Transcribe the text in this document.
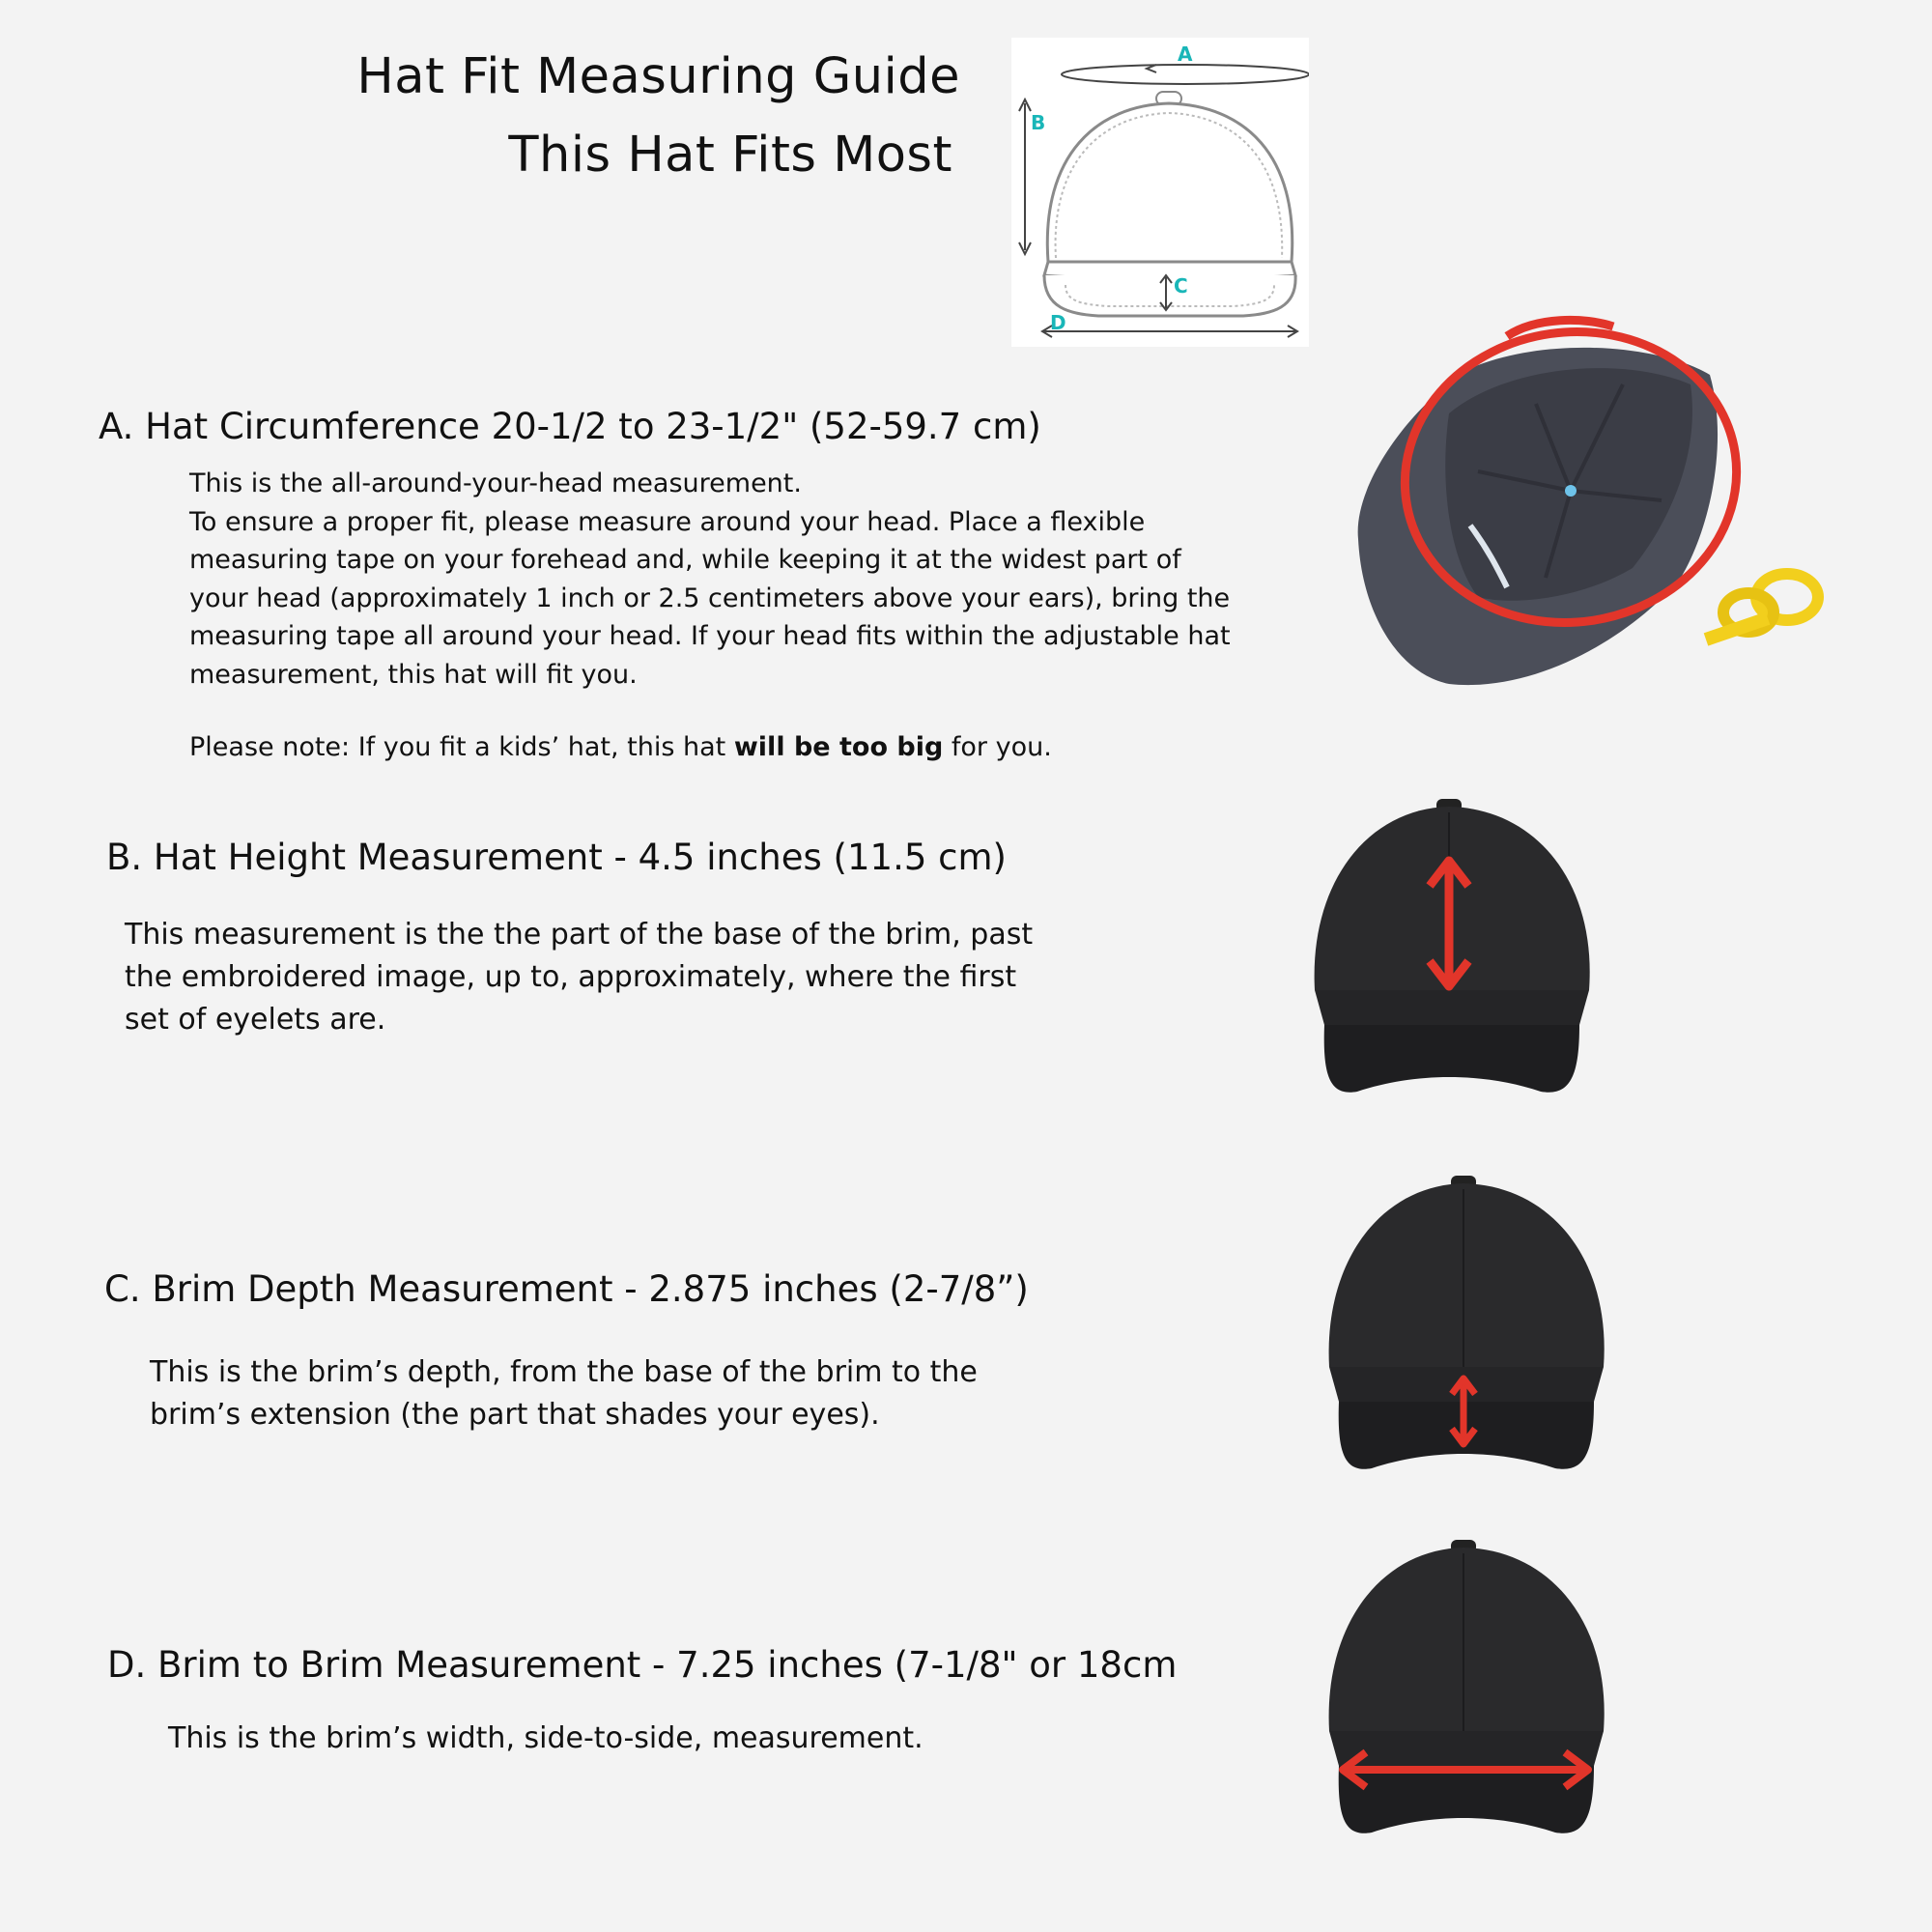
Hat Fit Measuring Guide
This Hat Fits Most
A
B
C
D
A. Hat Circumference 20-1/2 to 23-1/2" (52-59.7 cm)

This is the all-around-your-head measurement.

To ensure a proper fit, please measure around your head. Place a flexible measuring tape on your forehead and, while keeping it at the widest part of your head (approximately 1 inch or 2.5 centimeters above your ears), bring the measuring tape all around your head. If your head fits within the adjustable hat measurement, this hat will fit you.

Please note: If you fit a kids’ hat, this hat will be too big for you.
B. Hat Height Measurement - 4.5 inches (11.5 cm)
This measurement is the the part of the base of the brim, past the embroidered image, up to, approximately, where the first set of eyelets are.
C. Brim Depth Measurement - 2.875 inches (2-7/8”)
This is the brim’s depth, from the base of the brim to the brim’s extension (the part that shades your eyes).
D. Brim to Brim Measurement - 7.25 inches (7-1/8" or 18cm
This is the brim’s width, side-to-side, measurement.
